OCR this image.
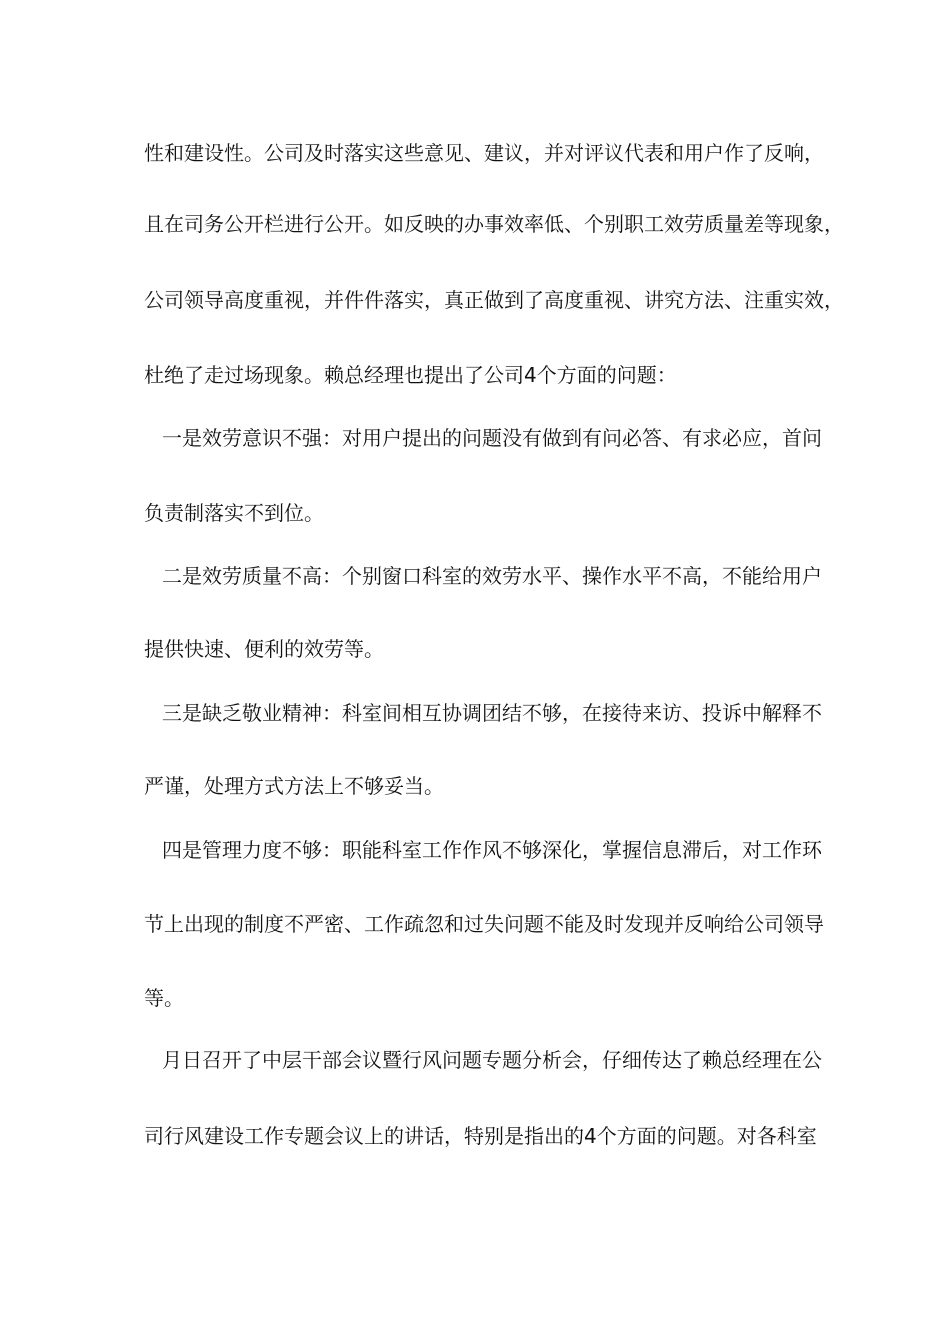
性和建设性。公司及时落实这些意见、建议，并对评议代表和用户作了反响，
且在司务公开栏进行公开。如反映的办事效率低、个别职工效劳质量差等现象，
公司领导高度重视，并件件落实，真正做到了高度重视、讲究方法、注重实效，
杜绝了走过场现象。赖总经理也提出了公司4个方面的问题：
一是效劳意识不强：对用户提出的问题没有做到有问必答、有求必应，首问
负责制落实不到位。
二是效劳质量不高：个别窗口科室的效劳水平、操作水平不高，不能给用户
提供快速、便利的效劳等。
三是缺乏敬业精神：科室间相互协调团结不够，在接待来访、投诉中解释不
严谨，处理方式方法上不够妥当。
四是管理力度不够：职能科室工作作风不够深化，掌握信息滞后，对工作环
节上出现的制度不严密、工作疏忽和过失问题不能及时发现并反响给公司领导
等。
月日召开了中层干部会议暨行风问题专题分析会，仔细传达了赖总经理在公
司行风建设工作专题会议上的讲话，特别是指出的4个方面的问题。对各科室
